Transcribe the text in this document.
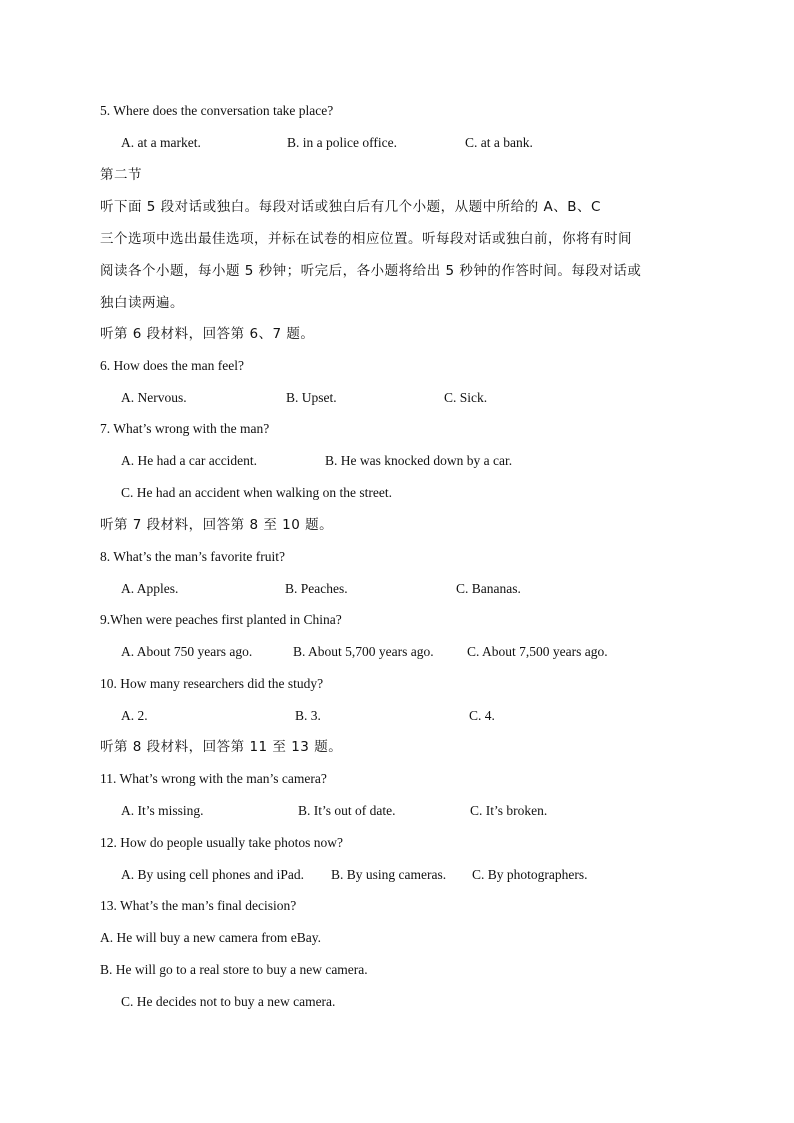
5. Where does the conversation take place?
A. at a market.	B. in a police office.	C. at a bank.
第二节
听下面 5 段对话或独白。每段对话或独白后有几个小题，从题中所给的 A、B、C
三个选项中选出最佳选项，并标在试卷的相应位置。听每段对话或独白前，你将有时间
阅读各个小题，每小题 5 秒钟；听完后，各小题将给出 5 秒钟的作答时间。每段对话或
独白读两遍。
听第 6 段材料，回答第 6、7 题。
6. How does the man feel?
A. Nervous.	B. Upset.	C. Sick.
7. What’s wrong with the man?
A. He had a car accident.	B. He was knocked down by a car.
C. He had an accident when walking on the street.
听第 7 段材料，回答第 8 至 10 题。
8. What’s the man’s favorite fruit?
A. Apples.	B. Peaches.	C. Bananas.
9.When were peaches first planted in China?
A. About 750 years ago.	B. About 5,700 years ago. C. About 7,500 years ago.
10. How many researchers did the study?
A. 2.	B. 3.	C. 4.
听第 8 段材料，回答第 11 至 13 题。
11. What’s wrong with the man’s camera?
A. It’s missing.	B. It’s out of date.	C. It’s broken.
12. How do people usually take photos now?
A. By using cell phones and iPad. B. By using cameras. C. By photographers.
13. What’s the man’s final decision?
A. He will buy a new camera from eBay.
B. He will go to a real store to buy a new camera.
C. He decides not to buy a new camera.
